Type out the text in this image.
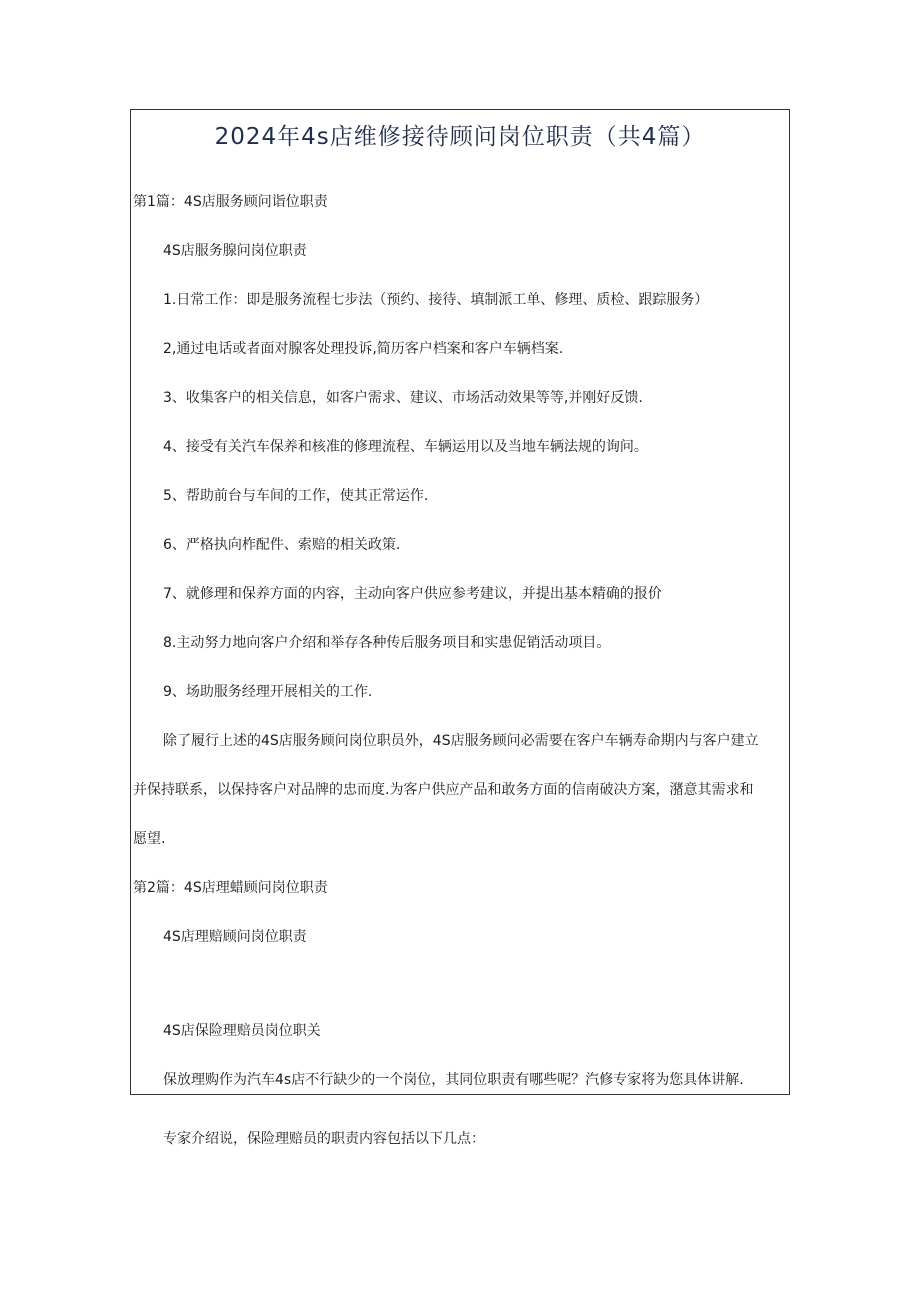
2024年4s店维修接待顾问岗位职责（共4篇）
第1篇：4S店服务顾问诣位职责
4S店服务腺问岗位职责
1.日常工作：即是服务流程七步法（预约、接待、填制派工单、修理、质检、跟踪服务）
2,通过电话或者面对腺客处理投诉,简历客户档案和客户车辆档案.
3、收集客户的相关信息，如客户需求、建议、市场活动效果等等,并刚好反馈.
4、接受有关汽车保养和核准的修理流程、车辆运用以及当地车辆法规的询问。
5、帮助前台与车间的工作，使其正常运作.
6、严格执向柞配件、索赔的相关政策.
7、就修理和保养方面的内容，主动向客户供应参考建议，并提出基本精确的报价
8.主动努力地向客户介绍和举存各种传后服务项目和实患促销活动项目。
9、场助服务经理开展相关的工作.
除了履行上述的4S店服务顾问岗位职员外，4S店服务顾问必需要在客户车辆寿命期内与客户建立
并保持联系，以保持客户对品牌的忠而度.为客户供应产品和敢务方面的信南破决方案，潴意其需求和
愿望.
第2篇：4S店理蜡顾问岗位职责
4S店理赔顾问岗位职责
4S店保险理赔员岗位职关
保放理购作为汽车4s店不行缺少的一个岗位，其同位职责有哪些呢？汽修专家将为您具体讲解.
专家介绍说，保险理赔员的职责内容包括以下几点：
